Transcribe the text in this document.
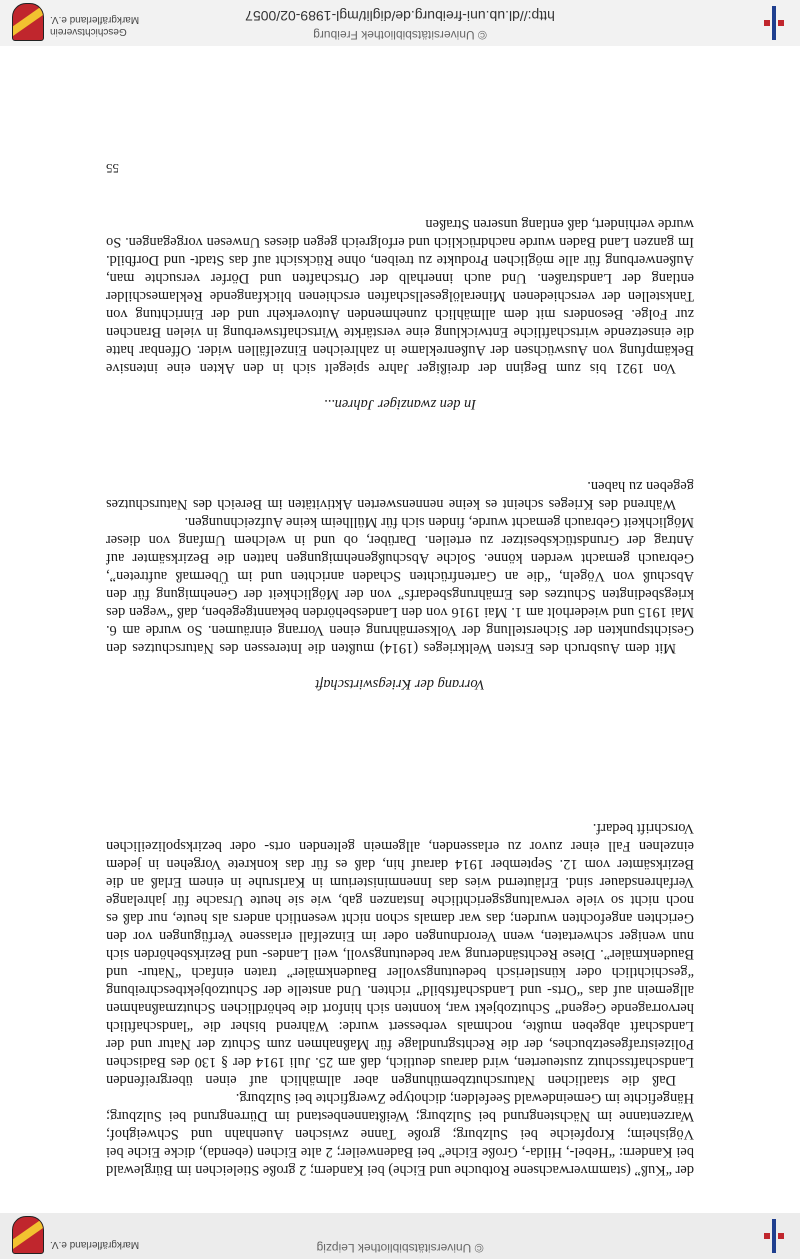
© Universitätsbibliothek Leipzig
Markgräflerland e.V.

der “Kuß” (stammverwachsene Rotbuche und Eiche) bei Kandern; 2 große Stieleichen im Bürglewald bei Kandern: “Hebel-, Hilda-, Große Eiche” bei Badenweiler; 2 alte Eichen (ebenda), dicke Eiche bei Vögisheim; Kropfeiche bei Sulzburg; große Tanne zwischen Auenhahn und Schweighof; Warzentanne im Nächstengrund bei Sulzburg; Weißtannenbestand im Dürrengrund bei Sulzburg; Hängefichte im Gemeindewald Seefelden; dichotype Zwergfichte bei Sulzburg.

Daß die staatlichen Naturschutzbemühungen aber allmählich auf einen übergreifenden Landschaftsschutz zusteuerten, wird daraus deutlich, daß am 25. Juli 1914 der § 130 des Badischen Polizeistrafgesetzbuches, der die Rechtsgrundlage für Maßnahmen zum Schutz der Natur und der Landschaft abgeben mußte, nochmals verbessert wurde: Während bisher die “landschaftlich hervorragende Gegend” Schutzobjekt war, konnten sich hinfort die behördlichen Schutzmaßnahmen allgemein auf das “Orts- und Landschaftsbild” richten. Und anstelle der Schutzobjektbeschreibung “geschichtlich oder künstlerisch bedeutungsvoller Baudenkmäler” traten einfach “Natur- und Baudenkmäler”. Diese Rechtsänderung war bedeutungsvoll, weil Landes- und Bezirksbehörden sich nun weniger schwertaten, wenn Verordnungen oder im Einzelfall erlassene Verfügungen vor den Gerichten angefochten wurden; das war damals schon nicht wesentlich anders als heute, nur daß es noch nicht so viele verwaltungsgerichtliche Instanzen gab, wie sie heute Ursache für jahrelange Verfahrensdauer sind. Erläuternd wies das Innenministerium in Karlsruhe in einem Erlaß an die Bezirksämter vom 12. September 1914 darauf hin, daß es für das konkrete Vorgehen in jedem einzelnen Fall einer zuvor zu erlassenden, allgemein geltenden orts- oder bezirkspolizeilichen Vorschrift bedarf.

Vorrang der Kriegswirtschaft

Mit dem Ausbruch des Ersten Weltkrieges (1914) mußten die Interessen des Naturschutzes den Gesichtspunkten der Sicherstellung der Volksernährung einen Vorrang einräumen. So wurde am 6. Mai 1915 und wiederholt am 1. Mai 1916 von den Landesbehörden bekanntgegeben, daß “wegen des kriegsbedingten Schutzes des Ernährungsbedarfs” von der Möglichkeit der Genehmigung für den Abschuß von Vögeln, “die an Gartenfrüchten Schaden anrichten und im Übermaß auftreten”, Gebrauch gemacht werden könne. Solche Abschußgenehmigungen hatten die Bezirksämter auf Antrag der Grundstücksbesitzer zu erteilen. Darüber, ob und in welchem Umfang von dieser Möglichkeit Gebrauch gemacht wurde, finden sich für Müllheim keine Aufzeichnungen.

Während des Krieges scheint es keine nennenswerten Aktivitäten im Bereich des Naturschutzes gegeben zu haben.

In den zwanziger Jahren...

Von 1921 bis zum Beginn der dreißiger Jahre spiegelt sich in den Akten eine intensive Bekämpfung von Auswüchsen der Außenreklame in zahlreichen Einzelfällen wider. Offenbar hatte die einsetzende wirtschaftliche Entwicklung eine verstärkte Wirtschaftswerbung in vielen Branchen zur Folge. Besonders mit dem allmählich zunehmenden Autoverkehr und der Einrichtung von Tankstellen der verschiedenen Mineralölgesellschaften erschienen blickfangende Reklameschilder entlang der Landstraßen. Und auch innerhalb der Ortschaften und Dörfer versuchte man, Außenwerbung für alle möglichen Produkte zu treiben, ohne Rücksicht auf das Stadt- und Dorfbild. Im ganzen Land Baden wurde nachdrücklich und erfolgreich gegen dieses Unwesen vorgegangen. So wurde verhindert, daß entlang unseren Straßen

55
© Universitätsbibliothek Freiburg
http://dl.ub.uni-freiburg.de/diglit/mgl-1989-02/0057
Geschichtsverein
Markgräflerland e.V.
